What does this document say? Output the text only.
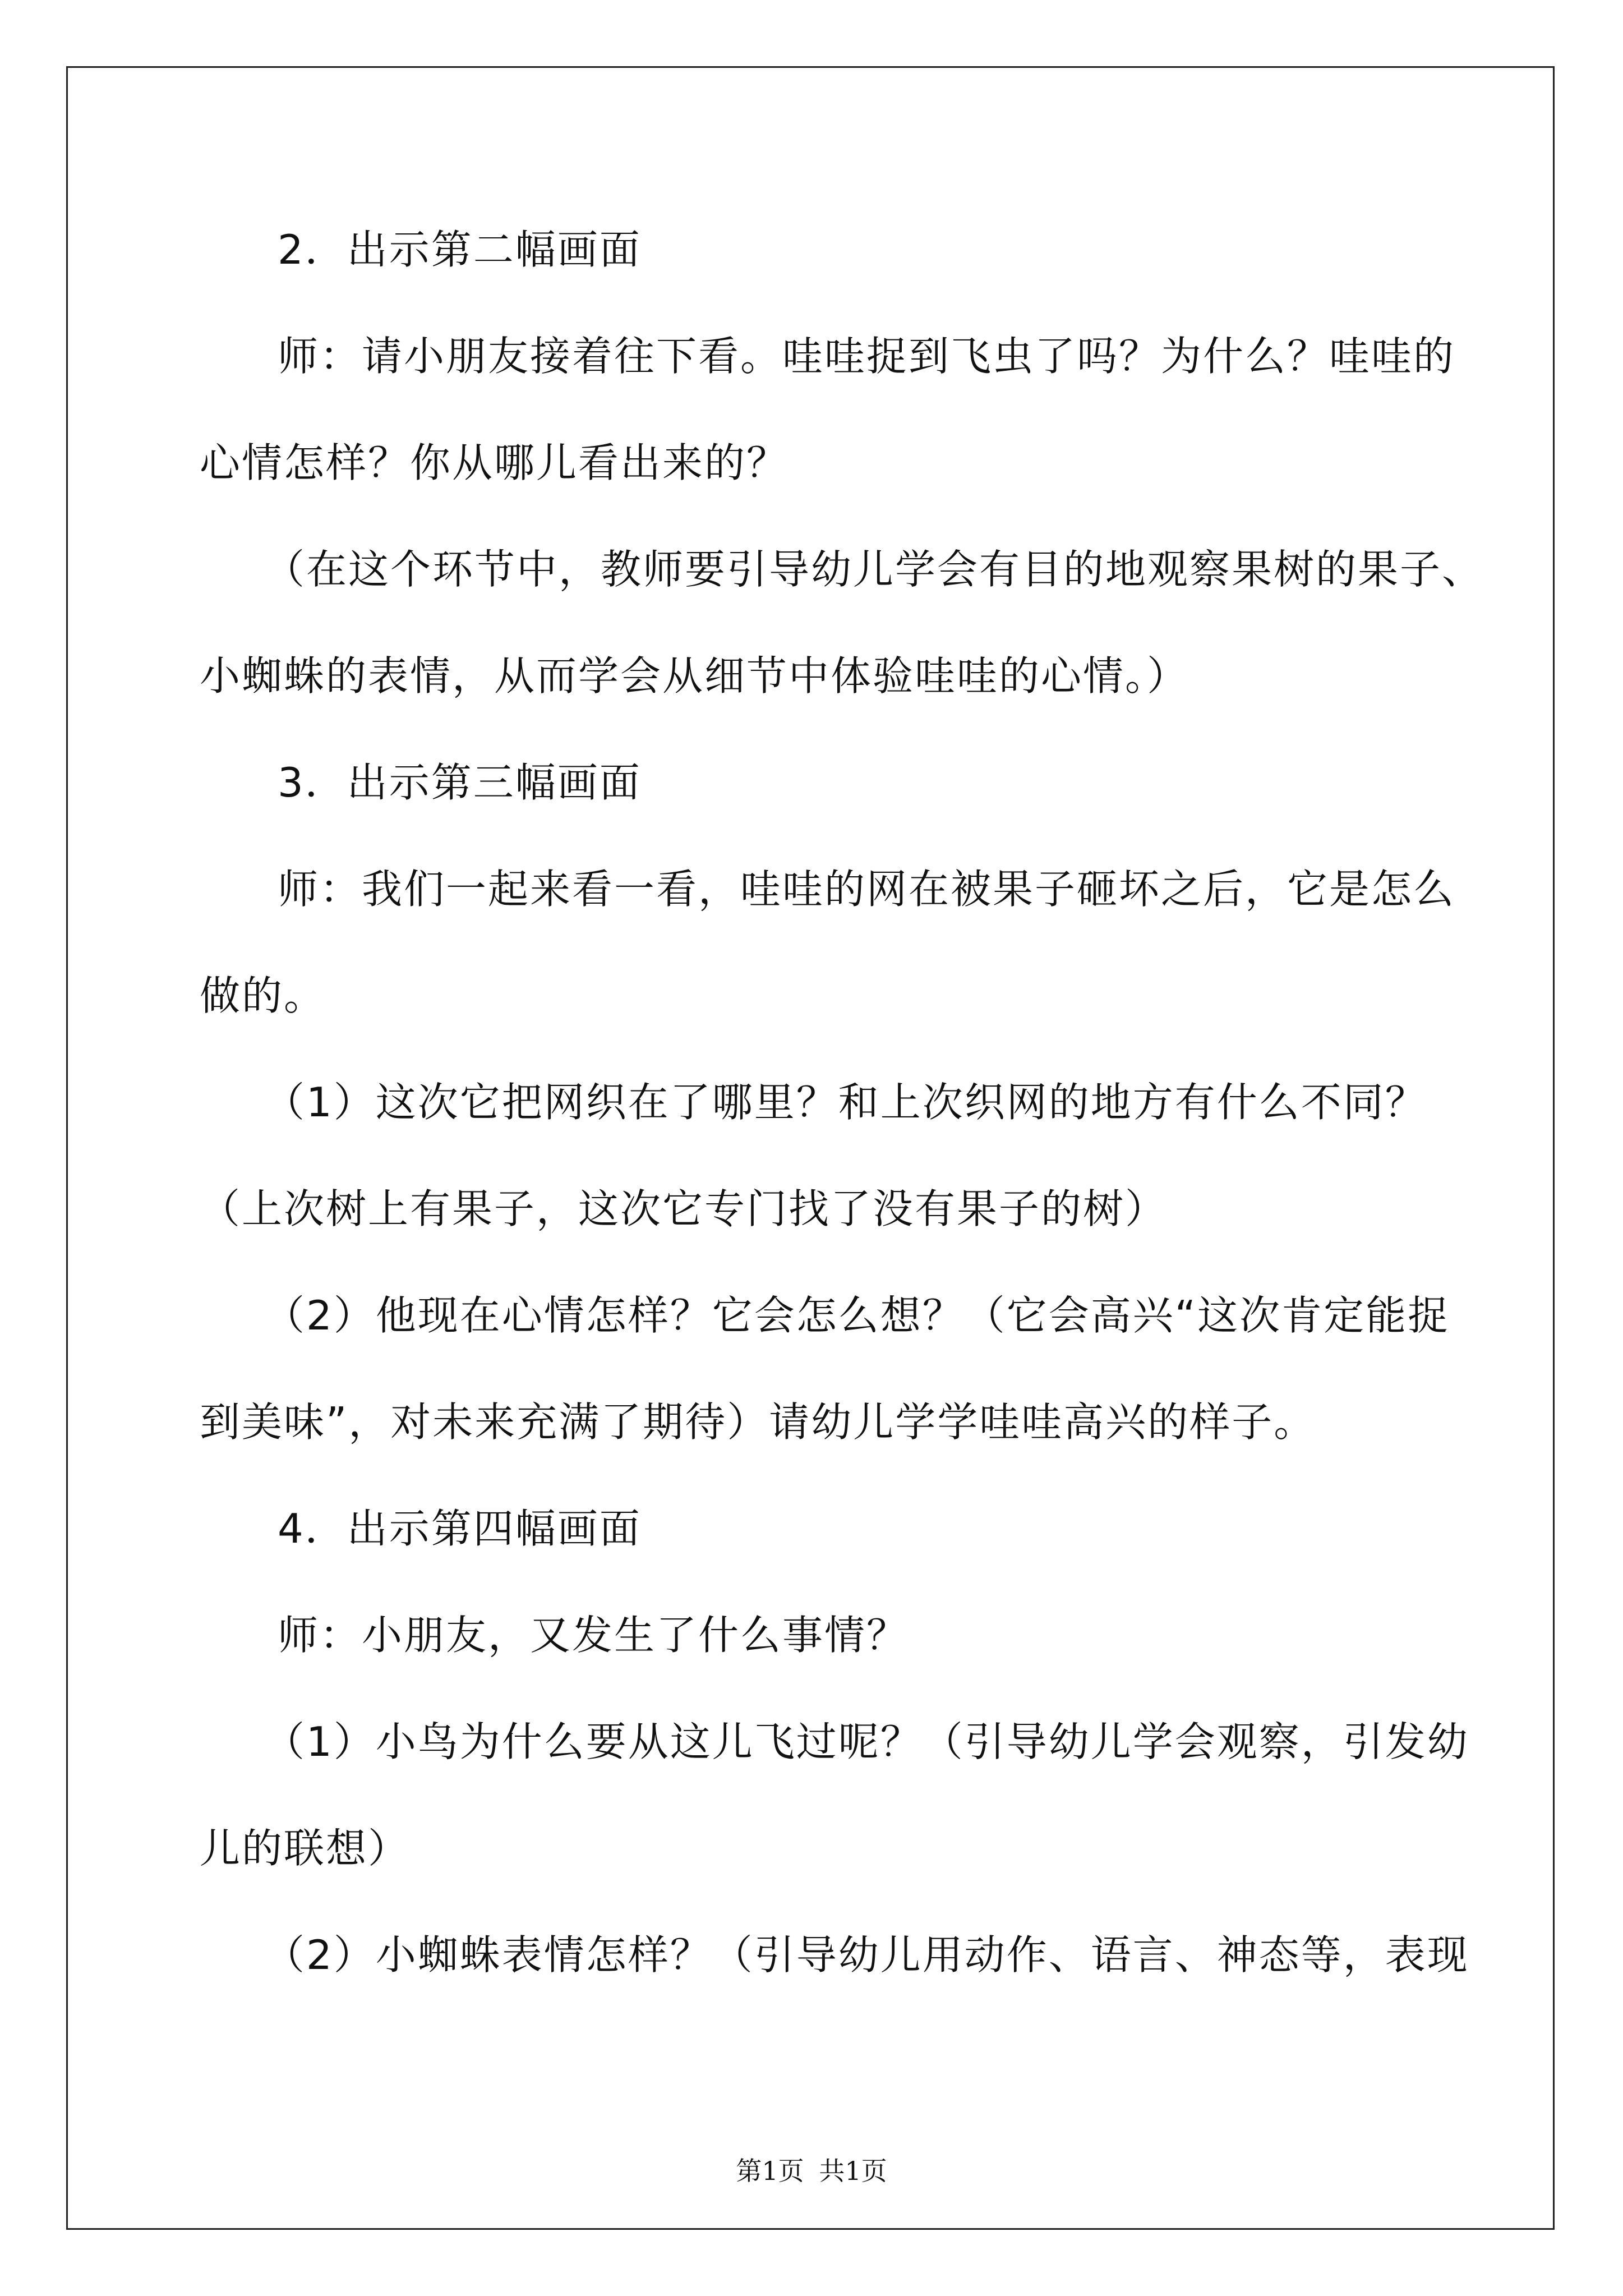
2．出示第二幅画面
师：请小朋友接着往下看。哇哇捉到飞虫了吗？为什么？哇哇的
心情怎样？你从哪儿看出来的？
（在这个环节中，教师要引导幼儿学会有目的地观察果树的果子、
小蜘蛛的表情，从而学会从细节中体验哇哇的心情。）
3．出示第三幅画面
师：我们一起来看一看，哇哇的网在被果子砸坏之后，它是怎么
做的。
（1）这次它把网织在了哪里？和上次织网的地方有什么不同？
（上次树上有果子，这次它专门找了没有果子的树）
（2）他现在心情怎样？它会怎么想？（它会高兴“这次肯定能捉
到美味”，对未来充满了期待）请幼儿学学哇哇高兴的样子。
4．出示第四幅画面
师：小朋友，又发生了什么事情？
（1）小鸟为什么要从这儿飞过呢？（引导幼儿学会观察，引发幼
儿的联想）
（2）小蜘蛛表情怎样？（引导幼儿用动作、语言、神态等，表现
第1页 共1页
